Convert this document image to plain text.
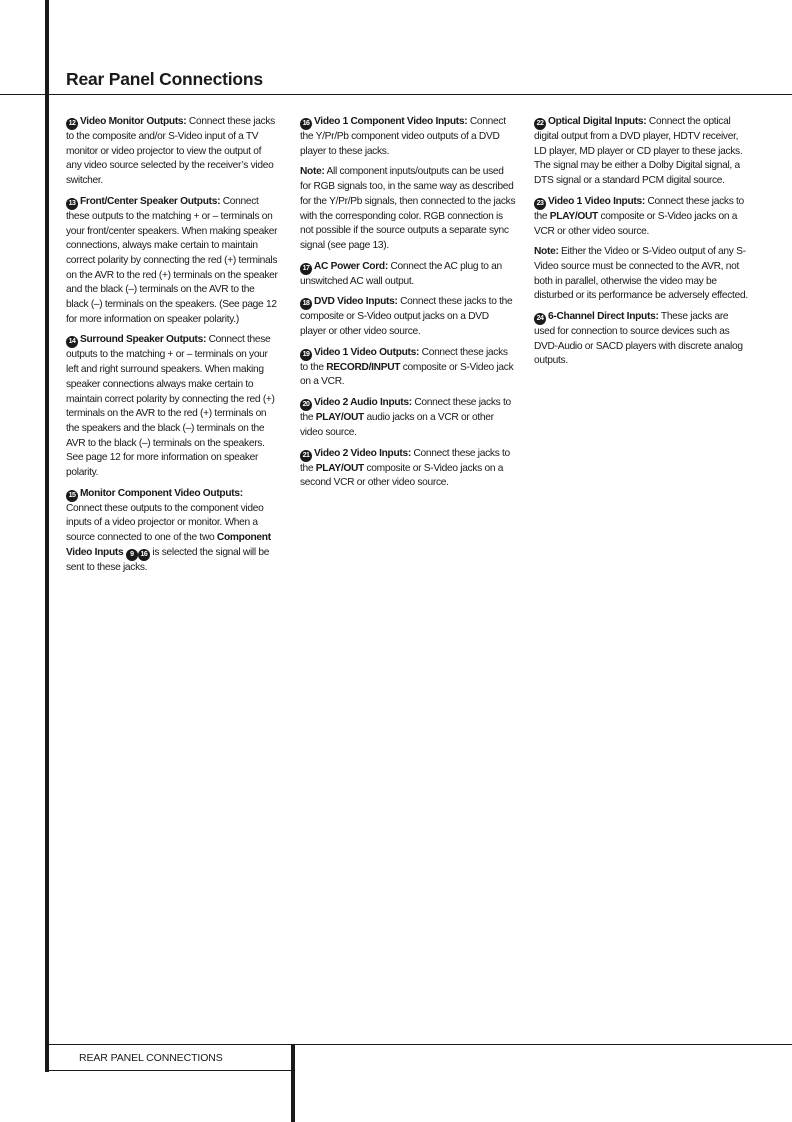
Rear Panel Connections

12 Video Monitor Outputs: Connect these jacks to the composite and/or S-Video input of a TV monitor or video projector to view the output of any video source selected by the receiver’s video switcher.

13 Front/Center Speaker Outputs: Connect these outputs to the matching + or – terminals on your front/center speakers. When making speaker connections, always make certain to maintain correct polarity by connecting the red (+) terminals on the AVR to the red (+) terminals on the speaker and the black (–) terminals on the AVR to the black (–) terminals on the speakers. (See page 12 for more information on speaker polarity.)

14 Surround Speaker Outputs: Connect these outputs to the matching + or – terminals on your left and right surround speakers. When making speaker connections always make certain to maintain correct polarity by connecting the red (+) terminals on the AVR to the red (+) terminals on the speakers and the black (–) terminals on the AVR to the black (–) terminals on the speakers. See page 12 for more information on speaker polarity.

15 Monitor Component Video Outputs: Connect these outputs to the component video inputs of a video projector or monitor. When a source connected to one of the two Component Video Inputs 9 16 is selected the signal will be sent to these jacks.

16 Video 1 Component Video Inputs: Connect the Y/Pr/Pb component video outputs of a DVD player to these jacks.

Note: All component inputs/outputs can be used for RGB signals too, in the same way as described for the Y/Pr/Pb signals, then connected to the jacks with the corresponding color. RGB connection is not possible if the source outputs a separate sync signal (see page 13).

17 AC Power Cord: Connect the AC plug to an unswitched AC wall output.

18 DVD Video Inputs: Connect these jacks to the composite or S-Video output jacks on a DVD player or other video source.

19 Video 1 Video Outputs: Connect these jacks to the RECORD/INPUT composite or S-Video jack on a VCR.

20 Video 2 Audio Inputs: Connect these jacks to the PLAY/OUT audio jacks on a VCR or other video source.

21 Video 2 Video Inputs: Connect these jacks to the PLAY/OUT composite or S-Video jacks on a second VCR or other video source.

22 Optical Digital Inputs: Connect the optical digital output from a DVD player, HDTV receiver, LD player, MD player or CD player to these jacks. The signal may be either a Dolby Digital signal, a DTS signal or a standard PCM digital source.

23 Video 1 Video Inputs: Connect these jacks to the PLAY/OUT composite or S-Video jacks on a VCR or other video source.

Note: Either the Video or S-Video output of any S-Video source must be connected to the AVR, not both in parallel, otherwise the video may be disturbed or its performance be adversely effected.

24 6-Channel Direct Inputs: These jacks are used for connection to source devices such as DVD-Audio or SACD players with discrete analog outputs.

REAR PANEL CONNECTIONS
